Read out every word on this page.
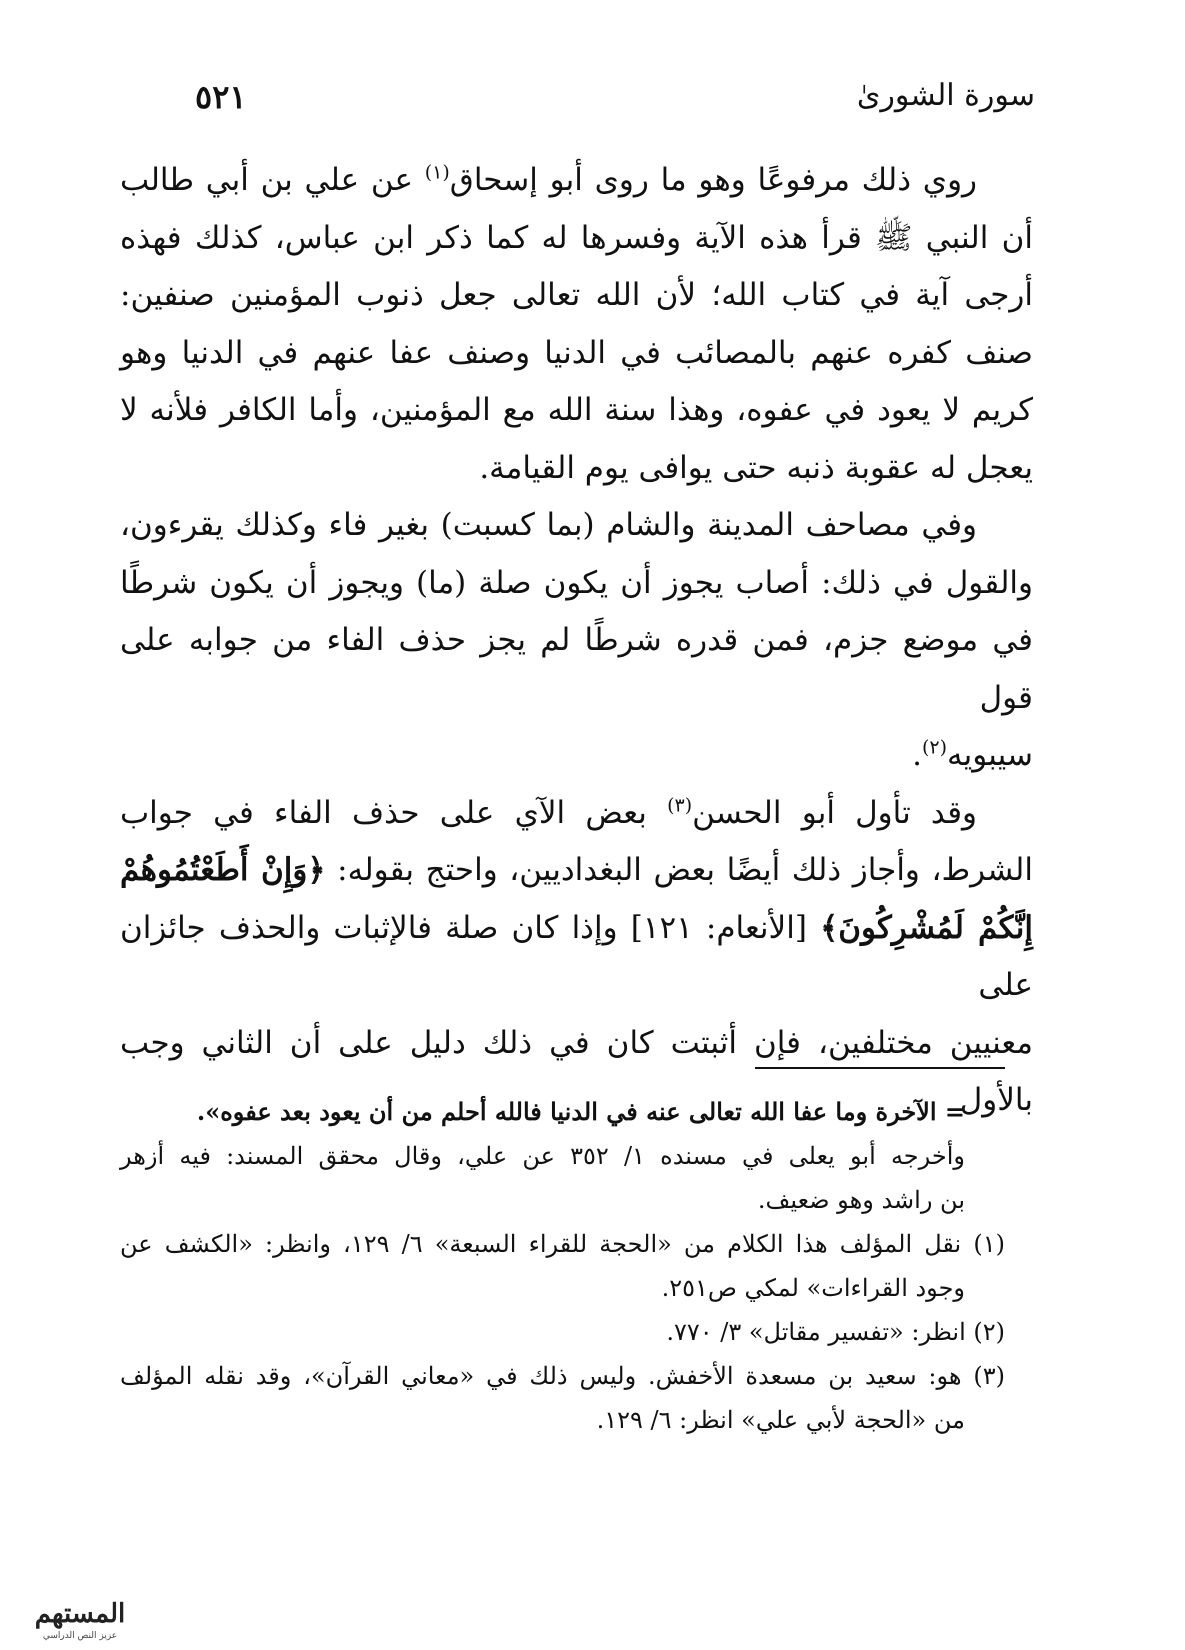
سورة الشورىٰ
٥٢١

روي ذلك مرفوعًا وهو ما روى أبو إسحاق$^{(١)}$ عن علي بن أبي طالب
أن النبي ﷺ قرأ هذه الآية وفسرها له كما ذكر ابن عباس، كذلك فهذه
أرجى آية في كتاب الله؛ لأن الله تعالى جعل ذنوب المؤمنين صنفين:
صنف كفره عنهم بالمصائب في الدنيا وصنف عفا عنهم في الدنيا وهو
كريم لا يعود في عفوه، وهذا سنة الله مع المؤمنين، وأما الكافر فلأنه لا
يعجل له عقوبة ذنبه حتى يوافى يوم القيامة.

وفي مصاحف المدينة والشام (بما كسبت) بغير فاء وكذلك يقرءون،
والقول في ذلك: أصاب يجوز أن يكون صلة (ما) ويجوز أن يكون شرطًا
في موضع جزم، فمن قدره شرطًا لم يجز حذف الفاء من جوابه على قول
سيبويه$^{(٢)}$.

وقد تأول أبو الحسن$^{(٣)}$ بعض الآي على حذف الفاء في جواب
الشرط، وأجاز ذلك أيضًا بعض البغداديين، واحتج بقوله: ﴿وَإِنْ أَطَعْتُمُوهُمْ
إِنَّكُمْ لَمُشْرِكُونَ﴾ [الأنعام: ١٢١] وإذا كان صلة فالإثبات والحذف جائزان على
معنيين مختلفين، فإن أثبتت كان في ذلك دليل على أن الثاني وجب بالأول

= الآخرة وما عفا الله تعالى عنه في الدنيا فالله أحلم من أن يعود بعد عفوه».
وأخرجه أبو يعلى في مسنده ١/ ٣٥٢ عن علي، وقال محقق المسند: فيه أزهر
بن راشد وهو ضعيف.
(١) نقل المؤلف هذا الكلام من «الحجة للقراء السبعة» ٦/ ١٢٩، وانظر: «الكشف عن
وجود القراءات» لمكي ص٢٥١.
(٢) انظر: «تفسير مقاتل» ٣/ ٧٧٠.
(٣) هو: سعيد بن مسعدة الأخفش. وليس ذلك في «معاني القرآن»، وقد نقله المؤلف
من «الحجة لأبي علي» انظر: ٦/ ١٢٩.
المستهم
عزيز النص الدراسي
